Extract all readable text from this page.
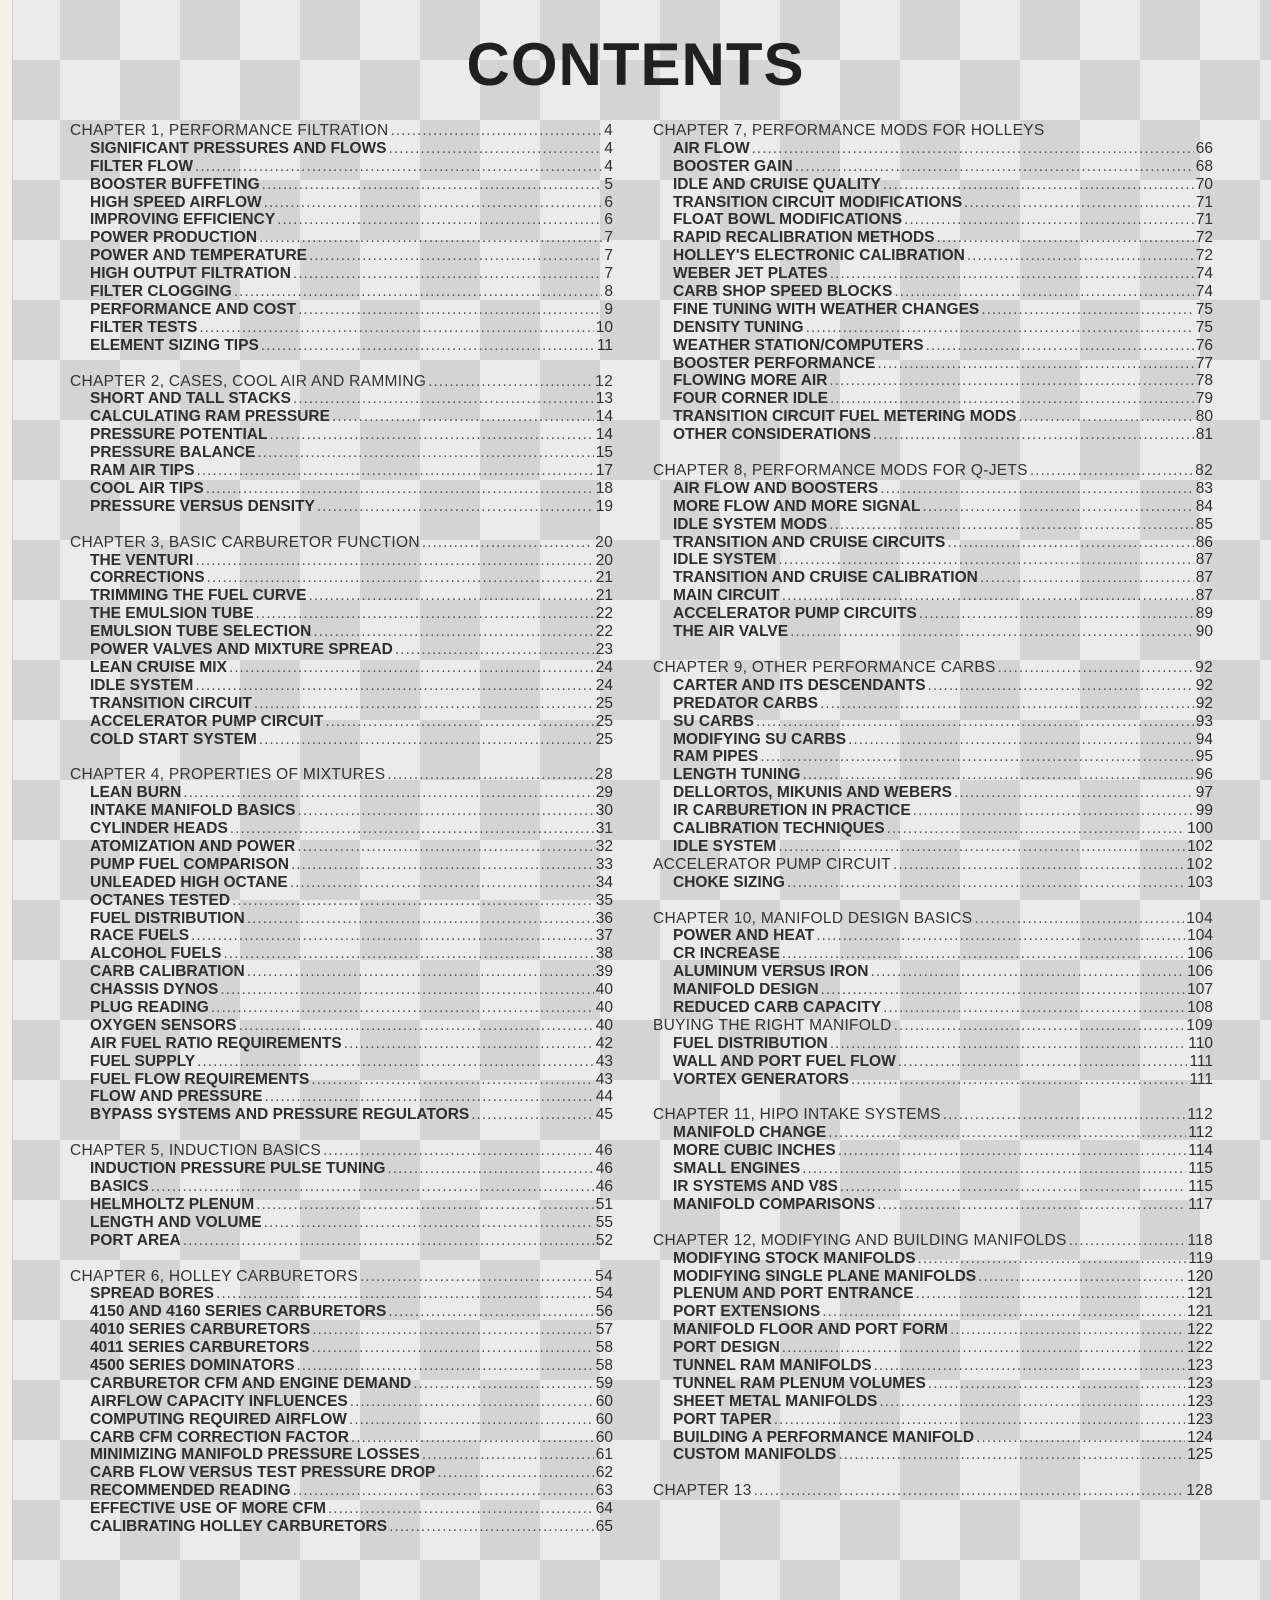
CONTENTS
CHAPTER 1, PERFORMANCE FILTRATION .....	4
SIGNIFICANT PRESSURES AND FLOWS .....	4
FILTER FLOW .....	4
BOOSTER BUFFETING .....	5
HIGH SPEED AIRFLOW .....	6
IMPROVING EFFICIENCY .....	6
POWER PRODUCTION .....	7
POWER AND TEMPERATURE .....	7
HIGH OUTPUT FILTRATION .....	7
FILTER CLOGGING .....	8
PERFORMANCE AND COST .....	9
FILTER TESTS .....	10
ELEMENT SIZING TIPS .....	11
CHAPTER 2, CASES, COOL AIR AND RAMMING .....	12
SHORT AND TALL STACKS .....	13
CALCULATING RAM PRESSURE .....	14
PRESSURE POTENTIAL .....	14
PRESSURE BALANCE .....	15
RAM AIR TIPS .....	17
COOL AIR TIPS .....	18
PRESSURE VERSUS DENSITY .....	19
CHAPTER 3, BASIC CARBURETOR FUNCTION .....	20
THE VENTURI .....	20
CORRECTIONS .....	21
TRIMMING THE FUEL CURVE .....	21
THE EMULSION TUBE .....	22
EMULSION TUBE SELECTION .....	22
POWER VALVES AND MIXTURE SPREAD .....	23
LEAN CRUISE MIX .....	24
IDLE SYSTEM .....	24
TRANSITION CIRCUIT .....	25
ACCELERATOR PUMP CIRCUIT .....	25
COLD START SYSTEM .....	25
CHAPTER 4, PROPERTIES OF MIXTURES .....	28
LEAN BURN .....	29
INTAKE MANIFOLD BASICS .....	30
CYLINDER HEADS .....	31
ATOMIZATION AND POWER .....	32
PUMP FUEL COMPARISON .....	33
UNLEADED HIGH OCTANE .....	34
OCTANES TESTED .....	35
FUEL DISTRIBUTION .....	36
RACE FUELS .....	37
ALCOHOL FUELS .....	38
CARB CALIBRATION .....	39
CHASSIS DYNOS .....	40
PLUG READING .....	40
OXYGEN SENSORS .....	40
AIR FUEL RATIO REQUIREMENTS .....	42
FUEL SUPPLY .....	43
FUEL FLOW REQUIREMENTS .....	43
FLOW AND PRESSURE .....	44
BYPASS SYSTEMS AND PRESSURE REGULATORS .....	45
CHAPTER 5, INDUCTION BASICS .....	46
INDUCTION PRESSURE PULSE TUNING .....	46
BASICS .....	46
HELMHOLTZ PLENUM .....	51
LENGTH AND VOLUME .....	55
PORT AREA .....	52
CHAPTER 6, HOLLEY CARBURETORS .....	54
SPREAD BORES .....	54
4150 AND 4160 SERIES CARBURETORS .....	56
4010 SERIES CARBURETORS .....	57
4011 SERIES CARBURETORS .....	58
4500 SERIES DOMINATORS .....	58
CARBURETOR CFM AND ENGINE DEMAND .....	59
AIRFLOW CAPACITY INFLUENCES .....	60
COMPUTING REQUIRED AIRFLOW .....	60
CARB CFM CORRECTION FACTOR .....	60
MINIMIZING MANIFOLD PRESSURE LOSSES .....	61
CARB FLOW VERSUS TEST PRESSURE DROP .....	62
RECOMMENDED READING .....	63
EFFECTIVE USE OF MORE CFM .....	64
CALIBRATING HOLLEY CARBURETORS .....	65
CHAPTER 7, PERFORMANCE MODS FOR HOLLEYS
AIR FLOW .....	66
BOOSTER GAIN .....	68
IDLE AND CRUISE QUALITY .....	70
TRANSITION CIRCUIT MODIFICATIONS .....	71
FLOAT BOWL MODIFICATIONS .....	71
RAPID RECALIBRATION METHODS .....	72
HOLLEY'S ELECTRONIC CALIBRATION .....	72
WEBER JET PLATES .....	74
CARB SHOP SPEED BLOCKS .....	74
FINE TUNING WITH WEATHER CHANGES .....	75
DENSITY TUNING .....	75
WEATHER STATION/COMPUTERS .....	76
BOOSTER PERFORMANCE .....	77
FLOWING MORE AIR .....	78
FOUR CORNER IDLE .....	79
TRANSITION CIRCUIT FUEL METERING MODS .....	80
OTHER CONSIDERATIONS .....	81
CHAPTER 8, PERFORMANCE MODS FOR Q-JETS .....	82
AIR FLOW AND BOOSTERS .....	83
MORE FLOW AND MORE SIGNAL .....	84
IDLE SYSTEM MODS .....	85
TRANSITION AND CRUISE CIRCUITS .....	86
IDLE SYSTEM .....	87
TRANSITION AND CRUISE CALIBRATION .....	87
MAIN CIRCUIT .....	87
ACCELERATOR PUMP CIRCUITS .....	89
THE AIR VALVE .....	90
CHAPTER 9, OTHER PERFORMANCE CARBS .....	92
CARTER AND ITS DESCENDANTS .....	92
PREDATOR CARBS .....	92
SU CARBS .....	93
MODIFYING SU CARBS .....	94
RAM PIPES .....	95
LENGTH TUNING .....	96
DELLORTOS, MIKUNIS AND WEBERS .....	97
IR CARBURETION IN PRACTICE .....	99
CALIBRATION TECHNIQUES .....	100
IDLE SYSTEM .....	102
ACCELERATOR PUMP CIRCUIT .....	102
CHOKE SIZING .....	103
CHAPTER 10, MANIFOLD DESIGN BASICS .....	104
POWER AND HEAT .....	104
CR INCREASE .....	106
ALUMINUM VERSUS IRON .....	106
MANIFOLD DESIGN .....	107
REDUCED CARB CAPACITY .....	108
BUYING THE RIGHT MANIFOLD .....	109
FUEL DISTRIBUTION .....	110
WALL AND PORT FUEL FLOW .....	111
VORTEX GENERATORS .....	111
CHAPTER 11, HIPO INTAKE SYSTEMS .....	112
MANIFOLD CHANGE .....	112
MORE CUBIC INCHES .....	114
SMALL ENGINES .....	115
IR SYSTEMS AND V8S .....	115
MANIFOLD COMPARISONS .....	117
CHAPTER 12, MODIFYING AND BUILDING MANIFOLDS .....	118
MODIFYING STOCK MANIFOLDS .....	119
MODIFYING SINGLE PLANE MANIFOLDS .....	120
PLENUM AND PORT ENTRANCE .....	121
PORT EXTENSIONS .....	121
MANIFOLD FLOOR AND PORT FORM .....	122
PORT DESIGN .....	122
TUNNEL RAM MANIFOLDS .....	123
TUNNEL RAM PLENUM VOLUMES .....	123
SHEET METAL MANIFOLDS .....	123
PORT TAPER .....	123
BUILDING A PERFORMANCE MANIFOLD .....	124
CUSTOM MANIFOLDS .....	125
CHAPTER 13 .....	128
